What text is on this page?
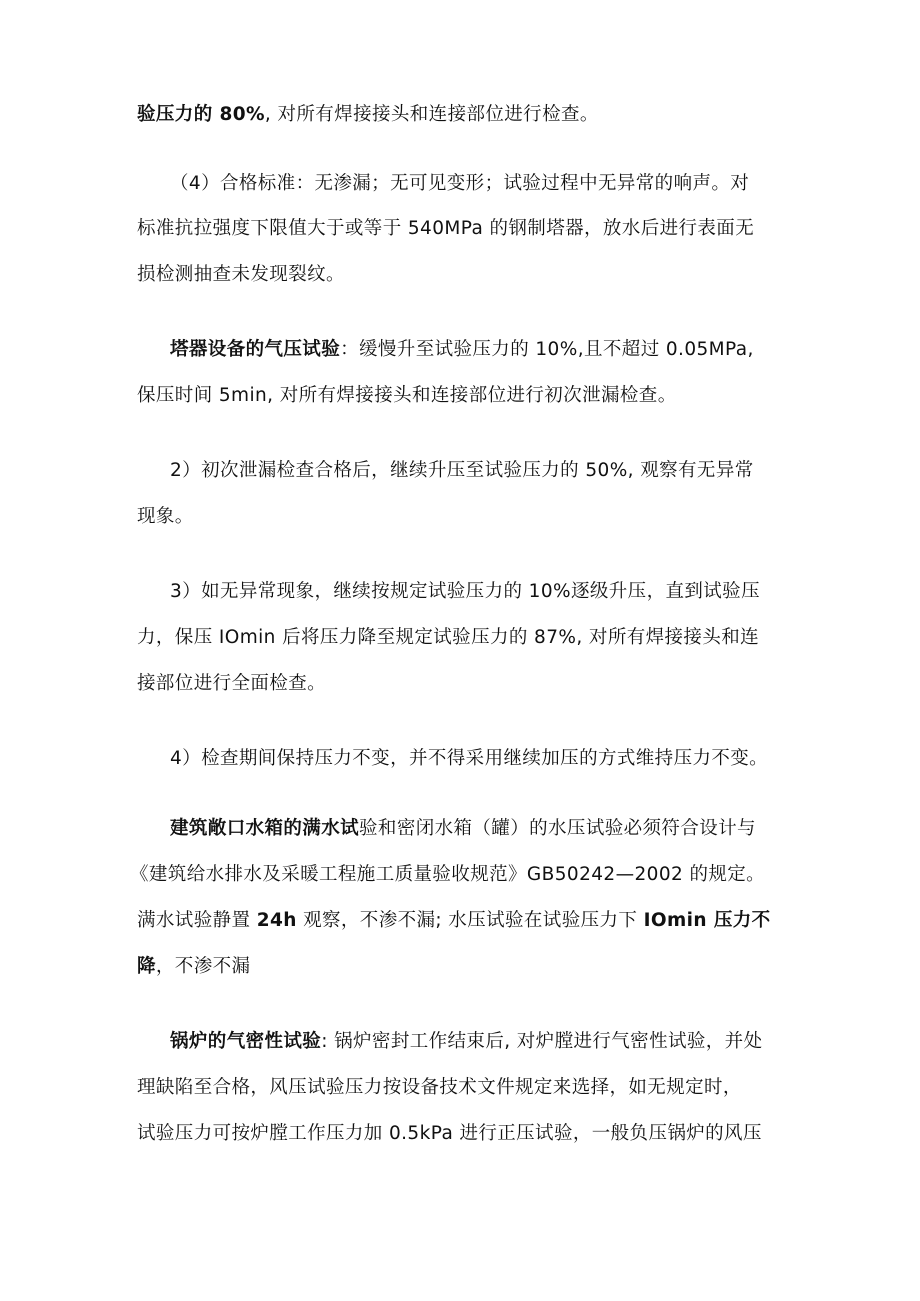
验压力的 80%, 对所有焊接接头和连接部位进行检查。
（4）合格标准：无渗漏；无可见变形；试验过程中无异常的响声。对
标准抗拉强度下限值大于或等于 540MPa 的钢制塔器，放水后进行表面无
损检测抽查未发现裂纹。
塔器设备的气压试验：缓慢升至试验压力的 10%,且不超过 0.05MPa,
保压时间 5min, 对所有焊接接头和连接部位进行初次泄漏检查。
2）初次泄漏检查合格后，继续升压至试验压力的 50%, 观察有无异常
现象。
3）如无异常现象，继续按规定试验压力的 10%逐级升压，直到试验压
力，保压 IOmin 后将压力降至规定试验压力的 87%, 对所有焊接接头和连
接部位进行全面检查。
4）检查期间保持压力不变，并不得采用继续加压的方式维持压力不变。
建筑敞口水箱的满水试验和密闭水箱（罐）的水压试验必须符合设计与
《建筑给水排水及采暖工程施工质量验收规范》GB50242—2002 的规定。
满水试验静置 24h 观察，不渗不漏; 水压试验在试验压力下 IOmin 压力不
降，不渗不漏
锅炉的气密性试验: 锅炉密封工作结束后, 对炉膛进行气密性试验，并处
理缺陷至合格，风压试验压力按设备技术文件规定来选择，如无规定时，
试验压力可按炉膛工作压力加 0.5kPa 进行正压试验，一般负压锅炉的风压
